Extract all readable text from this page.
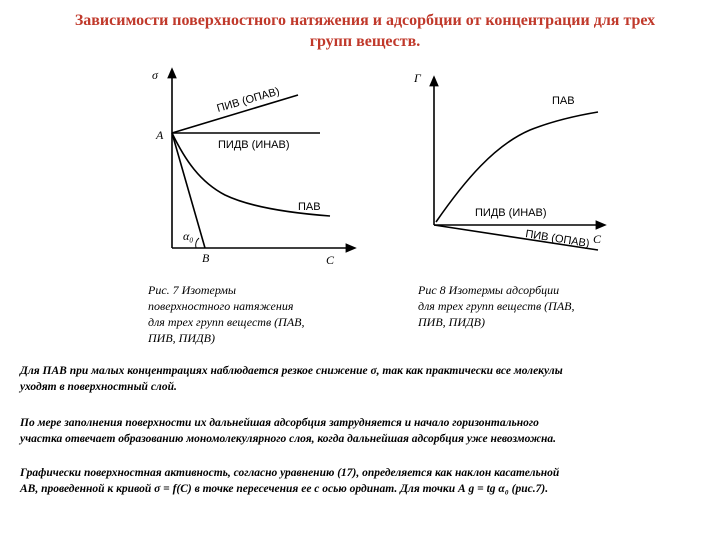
Зависимости поверхностного натяжения и адсорбции от концентрации для трех
групп веществ.
σ
C
А
В
α₀
ПИВ (ОПАВ)
ПИДВ (ИНАВ)
ПАВ
Г
C
ПАВ
ПИДВ (ИНАВ)
ПИВ (ОПАВ)
Рис. 7 Изотермы
поверхностного натяжения
для трех групп веществ (ПАВ,
ПИВ, ПИДВ)
Рис 8 Изотермы адсорбции
для трех групп веществ (ПАВ,
ПИВ, ПИДВ)
Для ПАВ при малых концентрациях наблюдается резкое снижение σ, так как практически все молекулы
уходят в поверхностный слой.
По мере заполнения поверхности их дальнейшая адсорбция затрудняется и начало горизонтального
участка отвечает образованию мономолекулярного слоя, когда дальнейшая адсорбция уже невозможна.
Графически поверхностная активность, согласно уравнению (17), определяется как наклон касательной
АВ, проведенной к кривой σ = f(С) в точке пересечения ее с осью ординат. Для точки А g = tg α₀ (рис.7).
